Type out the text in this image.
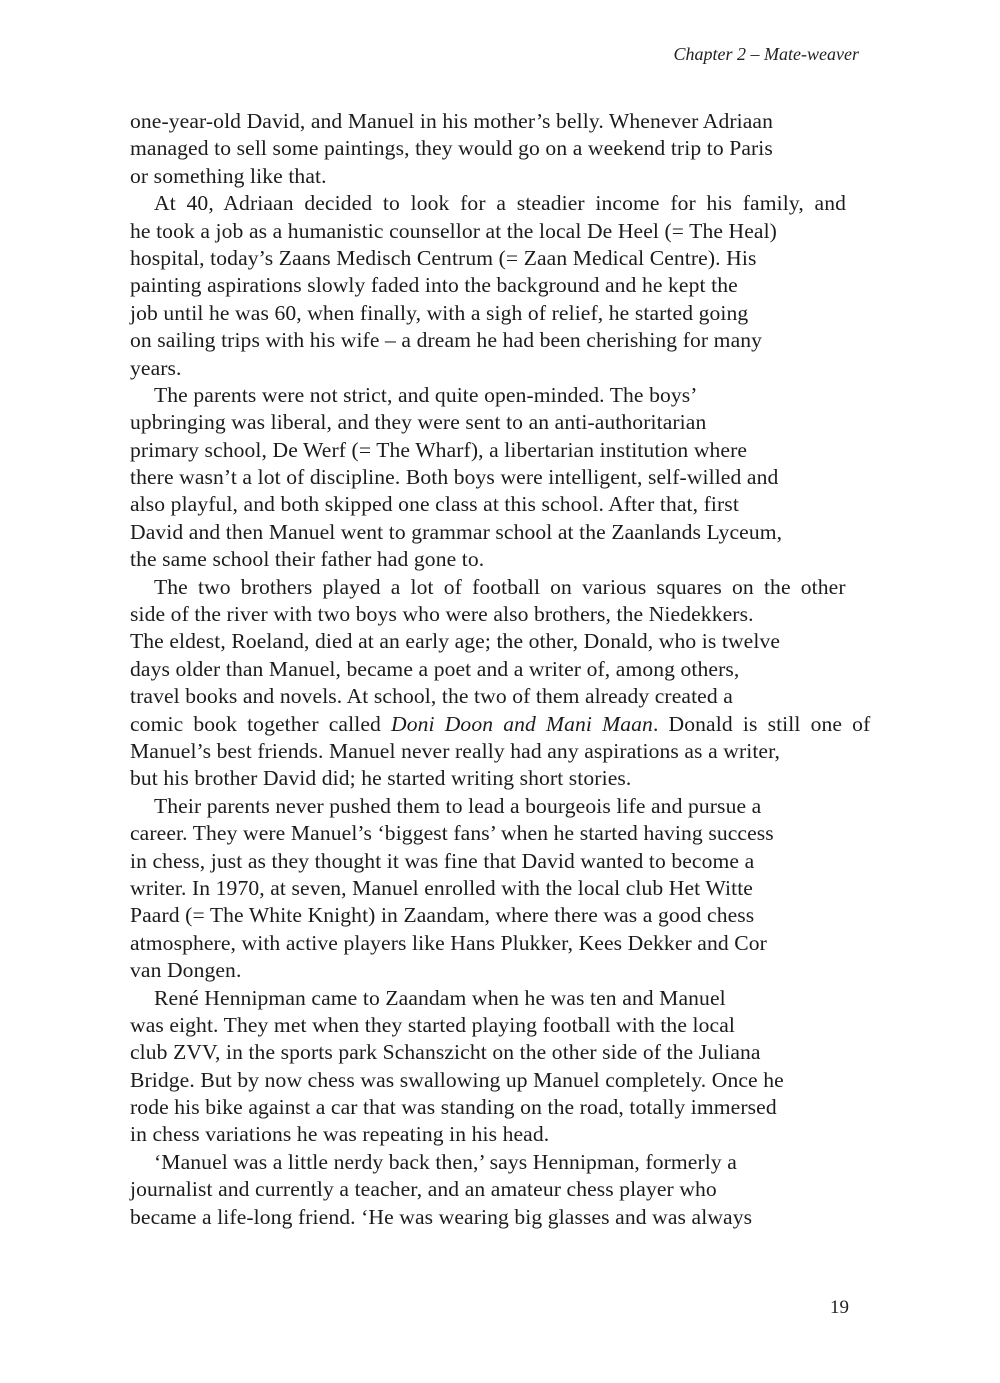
Chapter 2 – Mate-weaver
one-year-old David, and Manuel in his mother’s belly. Whenever Adriaan
managed to sell some paintings, they would go on a weekend trip to Paris
or something like that.
At 40, Adriaan decided to look for a steadier income for his family, and
he took a job as a humanistic counsellor at the local De Heel (= The Heal)
hospital, today’s Zaans Medisch Centrum (= Zaan Medical Centre). His
painting aspirations slowly faded into the background and he kept the
job until he was 60, when finally, with a sigh of relief, he started going
on sailing trips with his wife – a dream he had been cherishing for many
years.
The parents were not strict, and quite open-minded. The boys’
upbringing was liberal, and they were sent to an anti-authoritarian
primary school, De Werf (= The Wharf), a libertarian institution where
there wasn’t a lot of discipline. Both boys were intelligent, self-willed and
also playful, and both skipped one class at this school. After that, first
David and then Manuel went to grammar school at the Zaanlands Lyceum,
the same school their father had gone to.
The two brothers played a lot of football on various squares on the other
side of the river with two boys who were also brothers, the Niedekkers.
The eldest, Roeland, died at an early age; the other, Donald, who is twelve
days older than Manuel, became a poet and a writer of, among others,
travel books and novels. At school, the two of them already created a
comic book together called Doni Doon and Mani Maan. Donald is still one of
Manuel’s best friends. Manuel never really had any aspirations as a writer,
but his brother David did; he started writing short stories.
Their parents never pushed them to lead a bourgeois life and pursue a
career. They were Manuel’s ‘biggest fans’ when he started having success
in chess, just as they thought it was fine that David wanted to become a
writer. In 1970, at seven, Manuel enrolled with the local club Het Witte
Paard (= The White Knight) in Zaandam, where there was a good chess
atmosphere, with active players like Hans Plukker, Kees Dekker and Cor
van Dongen.
René Hennipman came to Zaandam when he was ten and Manuel
was eight. They met when they started playing football with the local
club ZVV, in the sports park Schanszicht on the other side of the Juliana
Bridge. But by now chess was swallowing up Manuel completely. Once he
rode his bike against a car that was standing on the road, totally immersed
in chess variations he was repeating in his head.
‘Manuel was a little nerdy back then,’ says Hennipman, formerly a
journalist and currently a teacher, and an amateur chess player who
became a life-long friend. ‘He was wearing big glasses and was always
19
